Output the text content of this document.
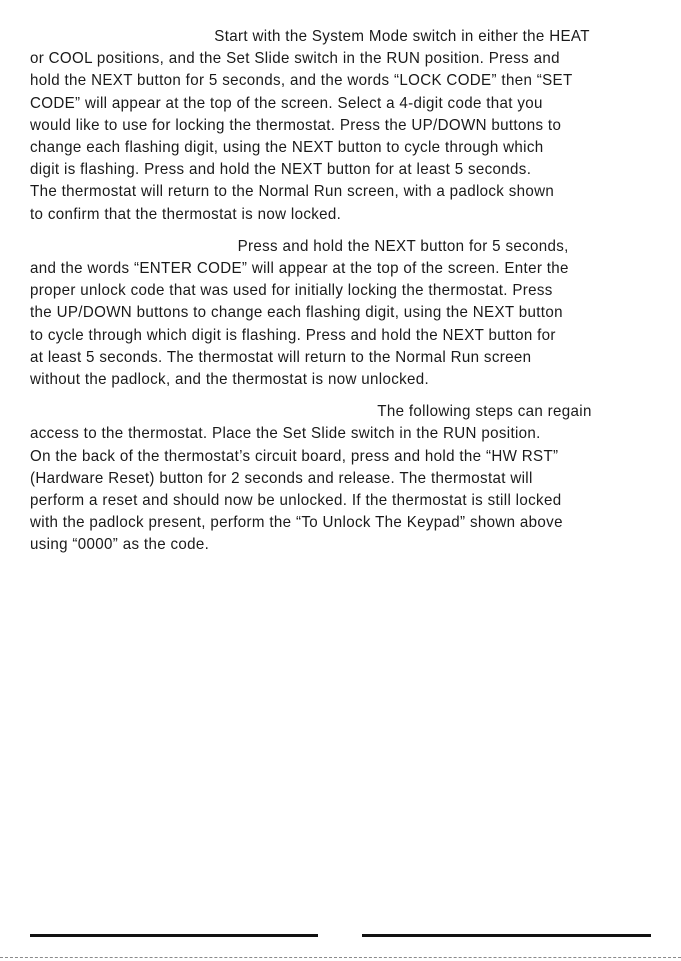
Start with the System Mode switch in either the HEAT
or COOL positions, and the Set Slide switch in the RUN position. Press and
hold the NEXT button for 5 seconds, and the words “LOCK CODE” then “SET
CODE” will appear at the top of the screen. Select a 4-digit code that you
would like to use for locking the thermostat. Press the UP/DOWN buttons to
change each flashing digit, using the NEXT button to cycle through which
digit is flashing. Press and hold the NEXT button for at least 5 seconds.
The thermostat will return to the Normal Run screen, with a padlock shown
to confirm that the thermostat is now locked.

Press and hold the NEXT button for 5 seconds,
and the words “ENTER CODE” will appear at the top of the screen. Enter the
proper unlock code that was used for initially locking the thermostat. Press
the UP/DOWN buttons to change each flashing digit, using the NEXT button
to cycle through which digit is flashing. Press and hold the NEXT button for
at least 5 seconds. The thermostat will return to the Normal Run screen
without the padlock, and the thermostat is now unlocked.

The following steps can regain
access to the thermostat. Place the Set Slide switch in the RUN position.
On the back of the thermostat’s circuit board, press and hold the “HW RST”
(Hardware Reset) button for 2 seconds and release. The thermostat will
perform a reset and should now be unlocked. If the thermostat is still locked
with the padlock present, perform the “To Unlock The Keypad” shown above
using “0000” as the code.
